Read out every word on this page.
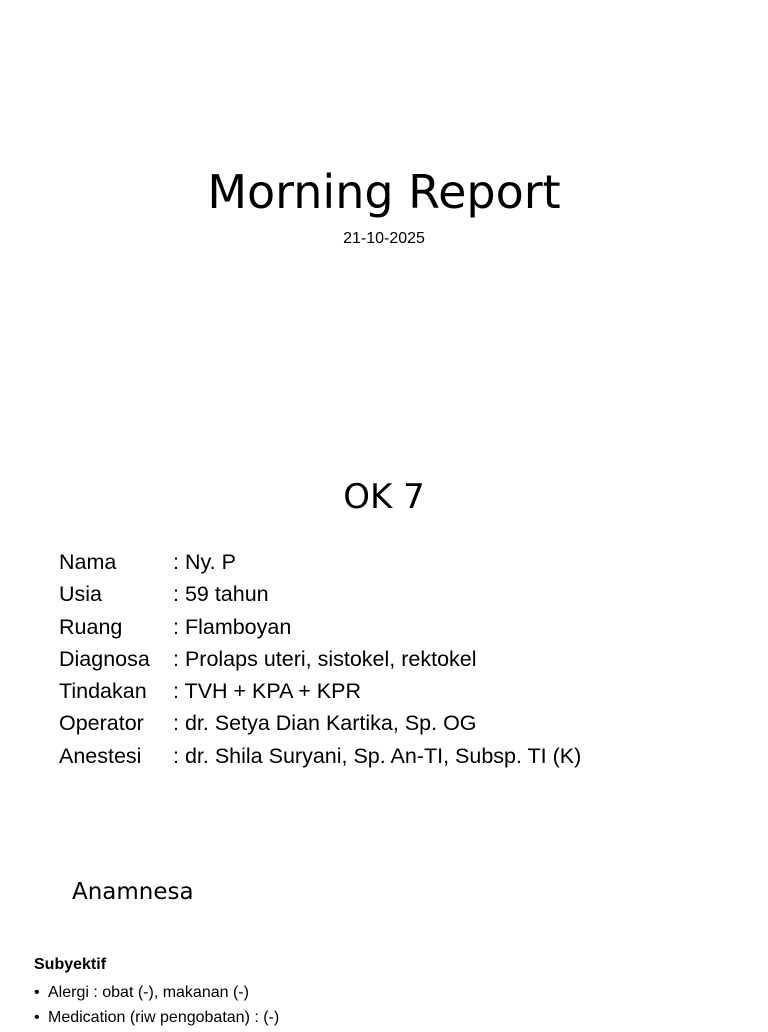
Morning Report
21-10-2025
OK 7
Nama	: Ny. P
Usia	: 59 tahun
Ruang	: Flamboyan
Diagnosa	: Prolaps uteri, sistokel, rektokel
Tindakan	: TVH + KPA + KPR
Operator	: dr. Setya Dian Kartika, Sp. OG
Anestesi	: dr. Shila Suryani, Sp. An-TI, Subsp. TI (K)
Anamnesa
Subyektif
• Alergi : obat (-), makanan (-)
• Medication (riw pengobatan) : (-)
